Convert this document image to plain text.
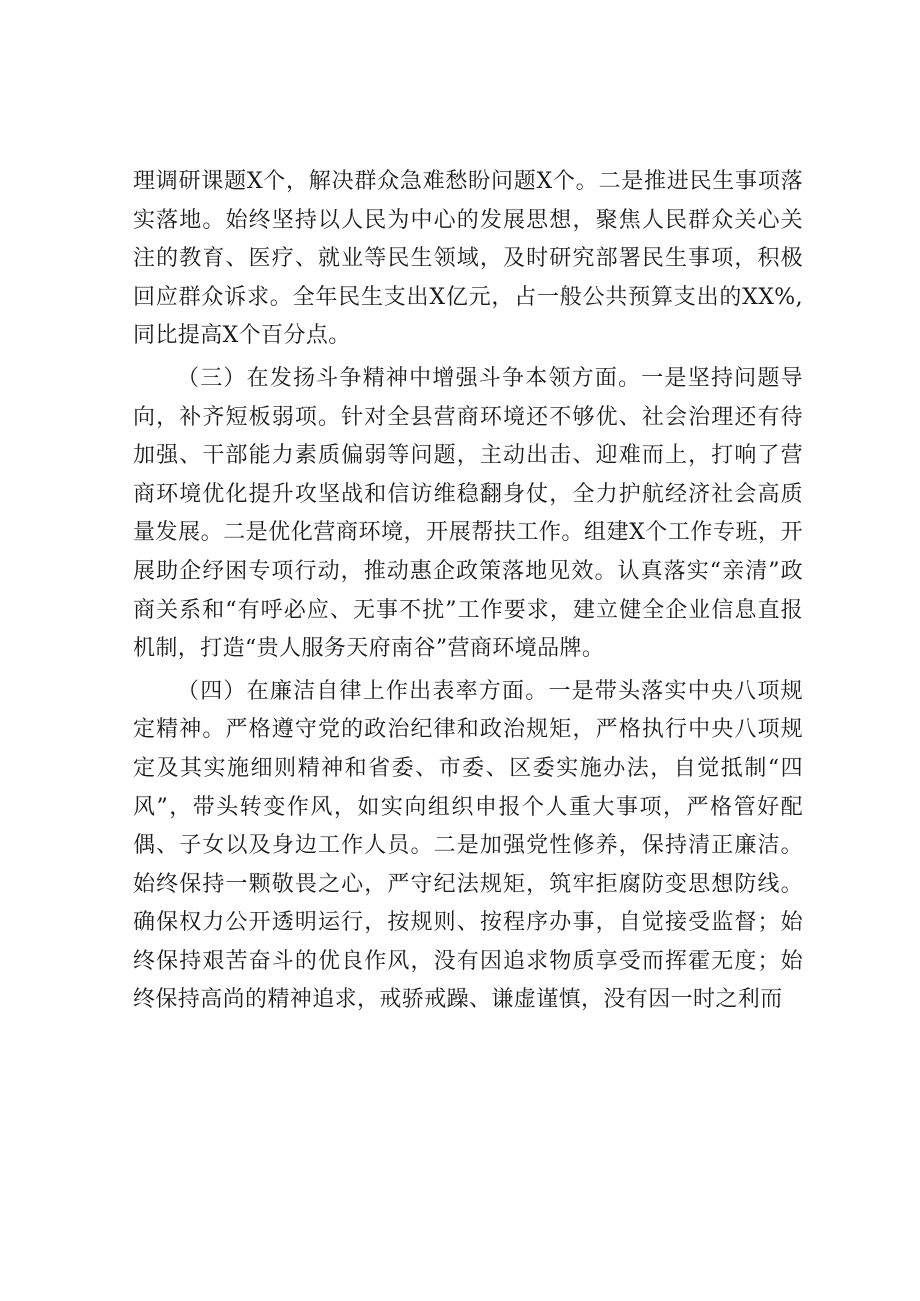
理调研课题X个，解决群众急难愁盼问题X个。二是推进民生事项落实落地。始终坚持以人民为中心的发展思想，聚焦人民群众关心关注的教育、医疗、就业等民生领域，及时研究部署民生事项，积极回应群众诉求。全年民生支出X亿元，占一般公共预算支出的XX%,同比提高X个百分点。

（三）在发扬斗争精神中增强斗争本领方面。一是坚持问题导向，补齐短板弱项。针对全县营商环境还不够优、社会治理还有待加强、干部能力素质偏弱等问题，主动出击、迎难而上，打响了营商环境优化提升攻坚战和信访维稳翻身仗，全力护航经济社会高质量发展。二是优化营商环境，开展帮扶工作。组建X个工作专班，开展助企纾困专项行动，推动惠企政策落地见效。认真落实“亲清”政商关系和“有呼必应、无事不扰”工作要求，建立健全企业信息直报机制，打造“贵人服务天府南谷”营商环境品牌。

（四）在廉洁自律上作出表率方面。一是带头落实中央八项规定精神。严格遵守党的政治纪律和政治规矩，严格执行中央八项规定及其实施细则精神和省委、市委、区委实施办法，自觉抵制“四风”，带头转变作风，如实向组织申报个人重大事项，严格管好配偶、子女以及身边工作人员。二是加强党性修养，保持清正廉洁。始终保持一颗敬畏之心，严守纪法规矩，筑牢拒腐防变思想防线。确保权力公开透明运行，按规则、按程序办事，自觉接受监督；始终保持艰苦奋斗的优良作风，没有因追求物质享受而挥霍无度；始终保持高尚的精神追求，戒骄戒躁、谦虚谨慎，没有因一时之利而
